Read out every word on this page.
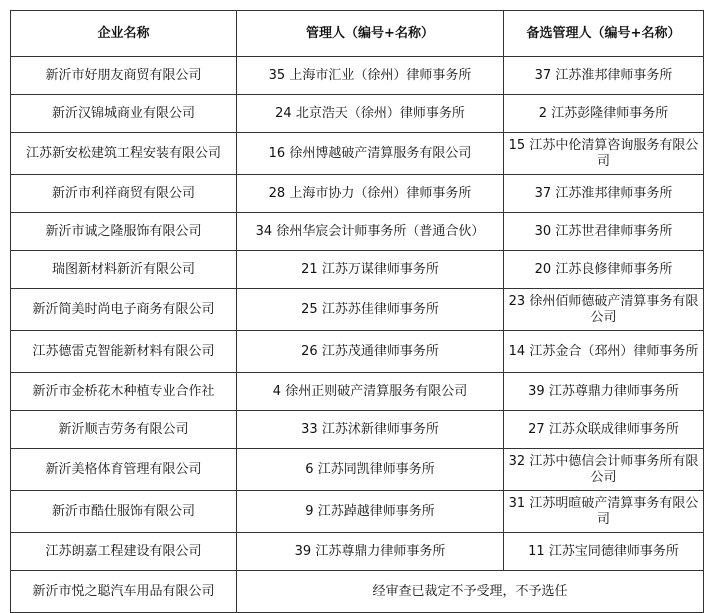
企业名称	管理人（编号+名称）	备选管理人（编号+名称）
新沂市好朋友商贸有限公司	35 上海市汇业（徐州）律师事务所	37 江苏淮邦律师事务所
新沂汉锦城商业有限公司	24 北京浩天（徐州）律师事务所	2 江苏彭隆律师事务所
江苏新安松建筑工程安装有限公司	16 徐州博越破产清算服务有限公司	15 江苏中伦清算咨询服务有限公司
新沂市利祥商贸有限公司	28 上海市协力（徐州）律师事务所	37 江苏淮邦律师事务所
新沂市诚之隆服饰有限公司	34 徐州华宸会计师事务所（普通合伙）	30 江苏世君律师事务所
瑞图新材料新沂有限公司	21 江苏万谋律师事务所	20 江苏良修律师事务所
新沂简美时尚电子商务有限公司	25 江苏苏佳律师事务所	23 徐州佰师德破产清算事务有限公司
江苏德雷克智能新材料有限公司	26 江苏茂通律师事务所	14 江苏金合（邳州）律师事务所
新沂市金桥花木种植专业合作社	4 徐州正则破产清算服务有限公司	39 江苏尊鼎力律师事务所
新沂顺吉劳务有限公司	33 江苏沭新律师事务所	27 江苏众联成律师事务所
新沂美格体育管理有限公司	6 江苏同凯律师事务所	32 江苏中德信会计师事务所有限公司
新沂市酷仕服饰有限公司	9 江苏踔越律师事务所	31 江苏明暄破产清算事务有限公司
江苏朗嘉工程建设有限公司	39 江苏尊鼎力律师事务所	11 江苏宝同德律师事务所
新沂市悦之聪汽车用品有限公司	经审查已裁定不予受理，不予选任	
